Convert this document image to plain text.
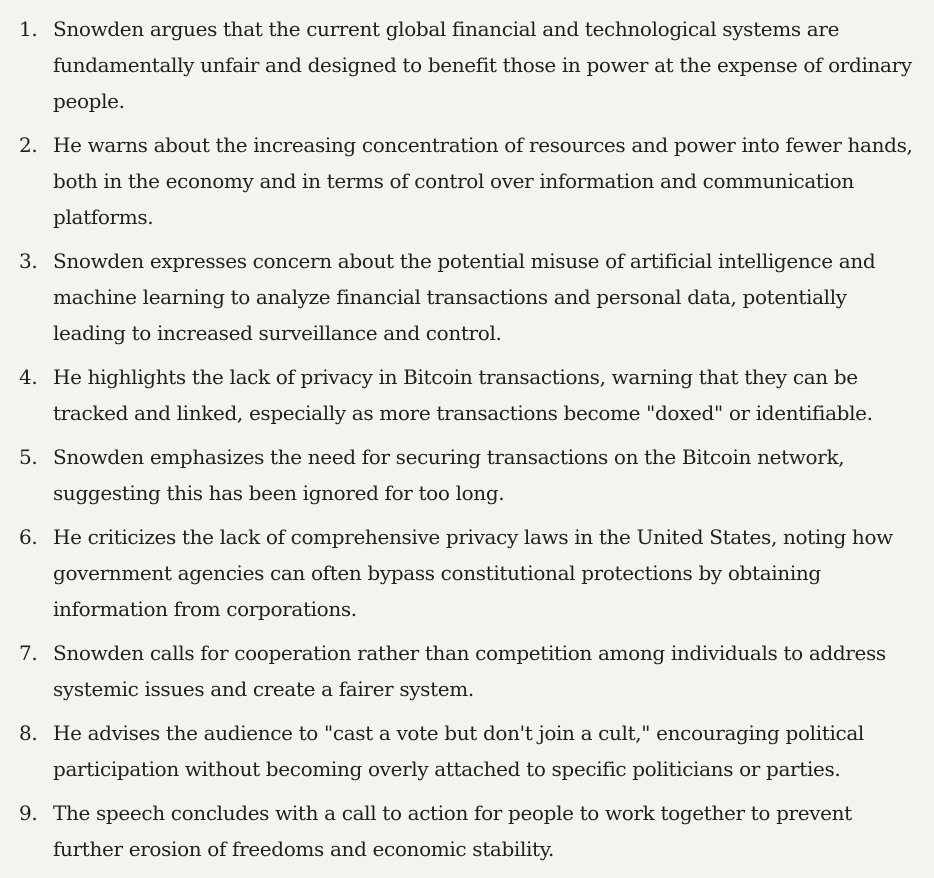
1. Snowden argues that the current global financial and technological systems are fundamentally unfair and designed to benefit those in power at the expense of ordinary people.
2. He warns about the increasing concentration of resources and power into fewer hands, both in the economy and in terms of control over information and communication platforms.
3. Snowden expresses concern about the potential misuse of artificial intelligence and machine learning to analyze financial transactions and personal data, potentially leading to increased surveillance and control.
4. He highlights the lack of privacy in Bitcoin transactions, warning that they can be tracked and linked, especially as more transactions become "doxed" or identifiable.
5. Snowden emphasizes the need for securing transactions on the Bitcoin network, suggesting this has been ignored for too long.
6. He criticizes the lack of comprehensive privacy laws in the United States, noting how government agencies can often bypass constitutional protections by obtaining information from corporations.
7. Snowden calls for cooperation rather than competition among individuals to address systemic issues and create a fairer system.
8. He advises the audience to "cast a vote but don't join a cult," encouraging political participation without becoming overly attached to specific politicians or parties.
9. The speech concludes with a call to action for people to work together to prevent further erosion of freedoms and economic stability.
